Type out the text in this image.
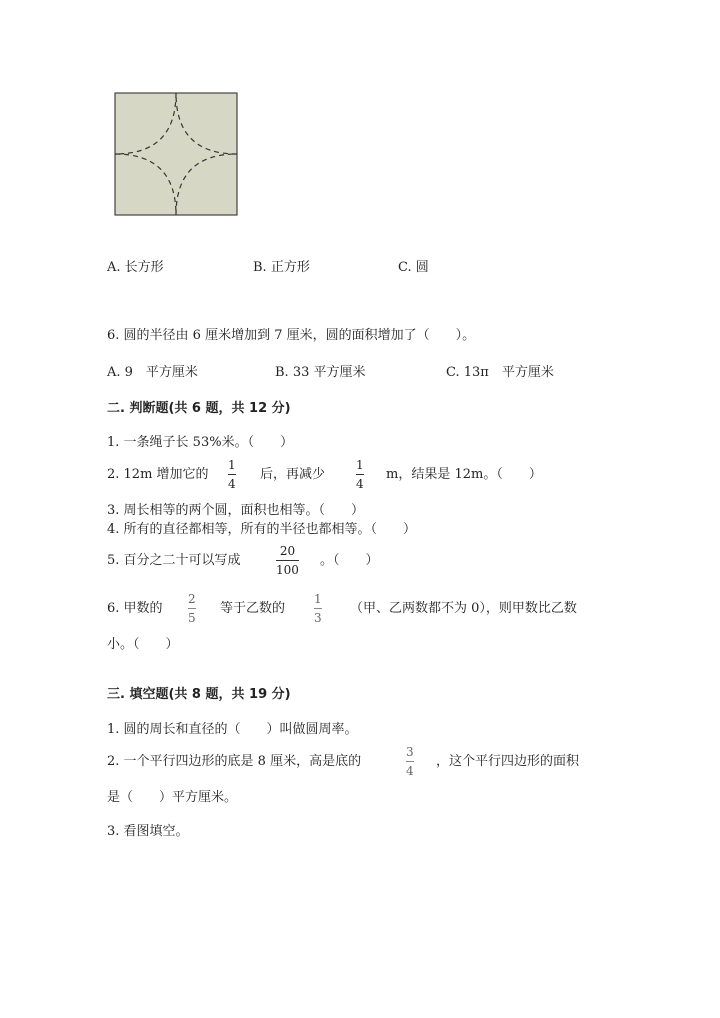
A. 长方形	B. 正方形	C. 圆
6. 圆的半径由 6 厘米增加到 7 厘米，圆的面积增加了（　　）。
A. 9　平方厘米	B. 33 平方厘米	C. 13π　平方厘米
二. 判断题(共 6 题，共 12 分)
1. 一条绳子长 53%米。（　　）
2. 12m 增加它的
1
4
后，再减少
1
4
m，结果是 12m。（　　）
3. 周长相等的两个圆，面积也相等。（　　）
4. 所有的直径都相等，所有的半径也都相等。（　　）
5. 百分之二十可以写成
20
100
。（　　）
6. 甲数的
2
5
等于乙数的
1
3
（甲、乙两数都不为 0），则甲数比乙数
小。（　　）
三. 填空题(共 8 题，共 19 分)
1. 圆的周长和直径的（　　）叫做圆周率。
2. 一个平行四边形的底是 8 厘米，高是底的
3
4
，这个平行四边形的面积
是（　　）平方厘米。
3. 看图填空。
